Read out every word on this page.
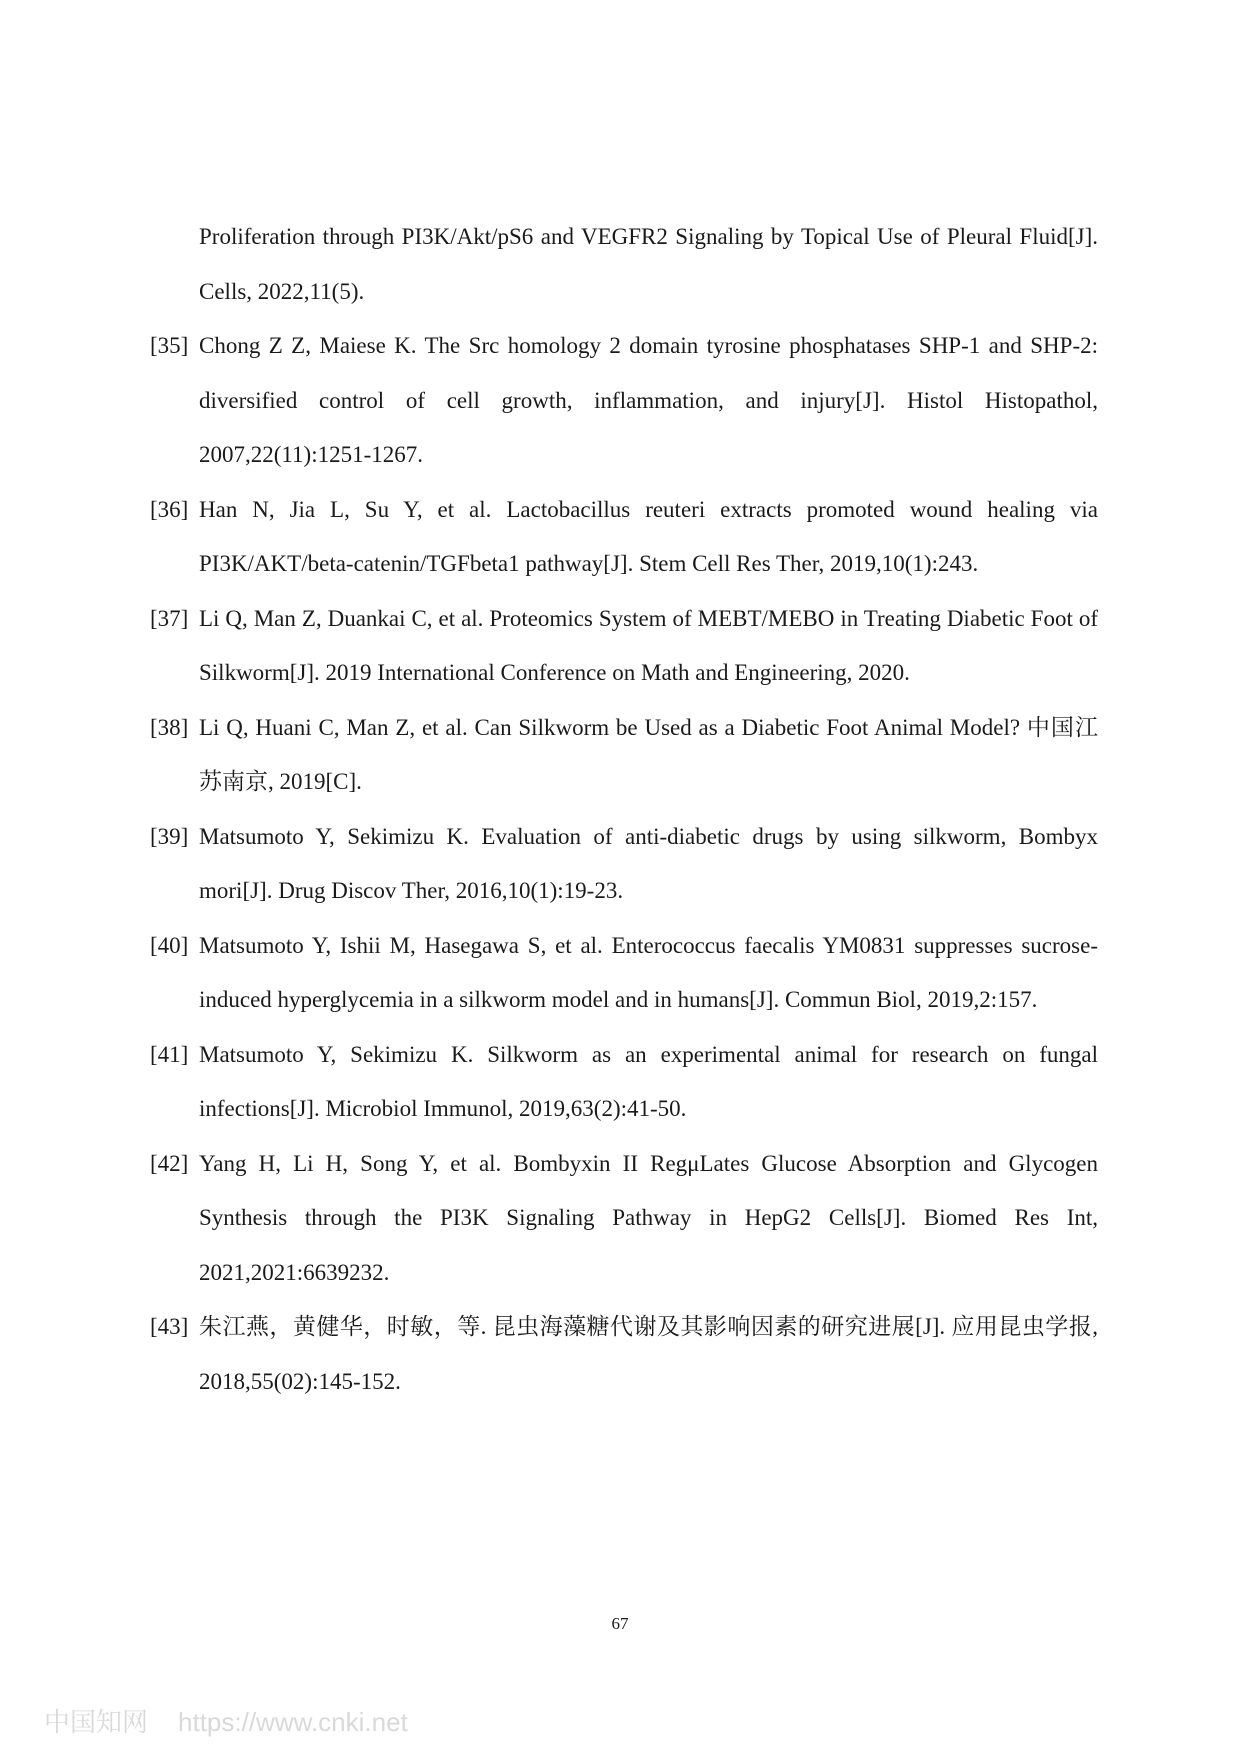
Proliferation through PI3K/Akt/pS6 and VEGFR2 Signaling by Topical Use of Pleural Fluid[J]. Cells, 2022,11(5).
[35] Chong Z Z, Maiese K. The Src homology 2 domain tyrosine phosphatases SHP-1 and SHP-2: diversified control of cell growth, inflammation, and injury[J]. Histol Histopathol, 2007,22(11):1251-1267.
[36] Han N, Jia L, Su Y, et al. Lactobacillus reuteri extracts promoted wound healing via PI3K/AKT/beta-catenin/TGFbeta1 pathway[J]. Stem Cell Res Ther, 2019,10(1):243.
[37] Li Q, Man Z, Duankai C, et al. Proteomics System of MEBT/MEBO in Treating Diabetic Foot of Silkworm[J]. 2019 International Conference on Math and Engineering, 2020.
[38] Li Q, Huani C, Man Z, et al. Can Silkworm be Used as a Diabetic Foot Animal Model? 中国江苏南京, 2019[C].
[39] Matsumoto Y, Sekimizu K. Evaluation of anti-diabetic drugs by using silkworm, Bombyx mori[J]. Drug Discov Ther, 2016,10(1):19-23.
[40] Matsumoto Y, Ishii M, Hasegawa S, et al. Enterococcus faecalis YM0831 suppresses sucrose-induced hyperglycemia in a silkworm model and in humans[J]. Commun Biol, 2019,2:157.
[41] Matsumoto Y, Sekimizu K. Silkworm as an experimental animal for research on fungal infections[J]. Microbiol Immunol, 2019,63(2):41-50.
[42] Yang H, Li H, Song Y, et al. Bombyxin II RegμLates Glucose Absorption and Glycogen Synthesis through the PI3K Signaling Pathway in HepG2 Cells[J]. Biomed Res Int, 2021,2021:6639232.
[43] 朱江燕，黄健华，时敏，等. 昆虫海藻糖代谢及其影响因素的研究进展[J]. 应用昆虫学报, 2018,55(02):145-152.
67
中国知网 https://www.cnki.net
